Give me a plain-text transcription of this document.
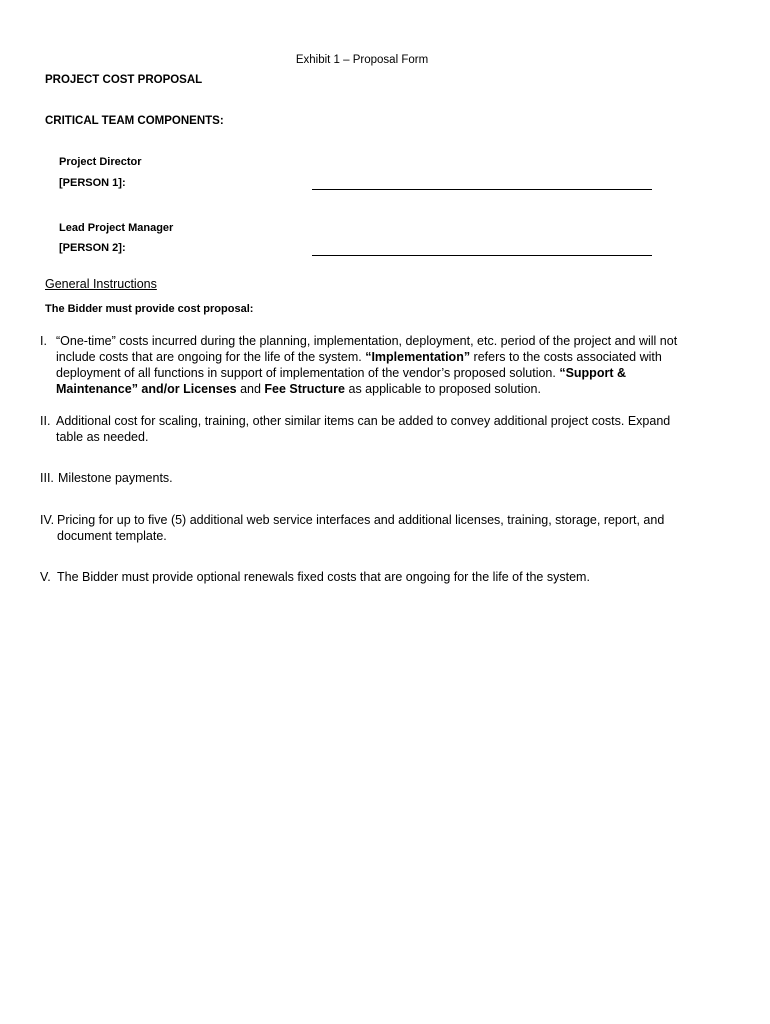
Exhibit 1 – Proposal Form
PROJECT COST PROPOSAL
CRITICAL TEAM COMPONENTS:
Project Director
[PERSON 1]:
Lead Project Manager
[PERSON 2]:
General Instructions
The Bidder must provide cost proposal:
I. “One-time” costs incurred during the planning, implementation, deployment, etc. period of the project and will not include costs that are ongoing for the life of the system. “Implementation” refers to the costs associated with deployment of all functions in support of implementation of the vendor’s proposed solution. “Support & Maintenance” and/or Licenses and Fee Structure as applicable to proposed solution.
II. Additional cost for scaling, training, other similar items can be added to convey additional project costs. Expand table as needed.
III. Milestone payments.
IV. Pricing for up to five (5) additional web service interfaces and additional licenses, training, storage, report, and document template.
V. The Bidder must provide optional renewals fixed costs that are ongoing for the life of the system.
